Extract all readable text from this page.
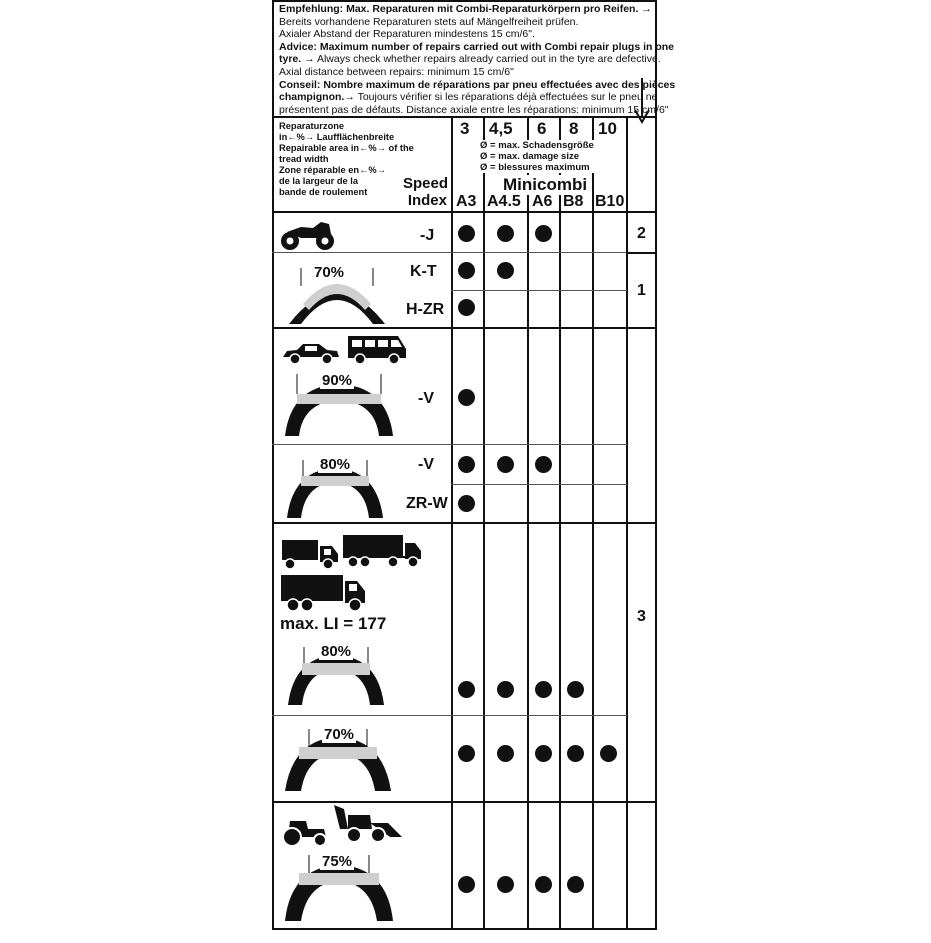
Empfehlung: Max. Reparaturen mit Combi-Reparaturkörpern pro Reifen. →
Bereits vorhandene Reparaturen stets auf Mängelfreiheit prüfen.
Axialer Abstand der Reparaturen mindestens 15 cm/6".
Advice: Maximum number of repairs carried out with Combi repair plugs in one
tyre. → Always check whether repairs already carried out in the tyre are defective.
Axial distance between repairs: minimum 15 cm/6"
Conseil: Nombre maximum de réparations par pneu effectuées avec des pièces
champignon.→ Toujours vérifier si les réparations déjà effectuées sur le pneu ne
présentent pas de défauts. Distance axiale entre les réparations: minimum 15 cm/6"
Reparaturzone
in←%→ Laufflächenbreite
Repairable area in←%→ of the
tread width
Zone réparable en←%→
de la largeur de la
bande de roulement	Speed
Index
3 4,5 6 8 10
Ø = max. Schadensgröße
Ø = max. damage size
Ø = blessures maximum
Minicombi
A3 A4.5 A6 B8 B10
-J
K-T
H-ZR
-V
-V
ZR-W
max. LI = 177
2
1
3
70%
90%
80%
80%
70%
75%
